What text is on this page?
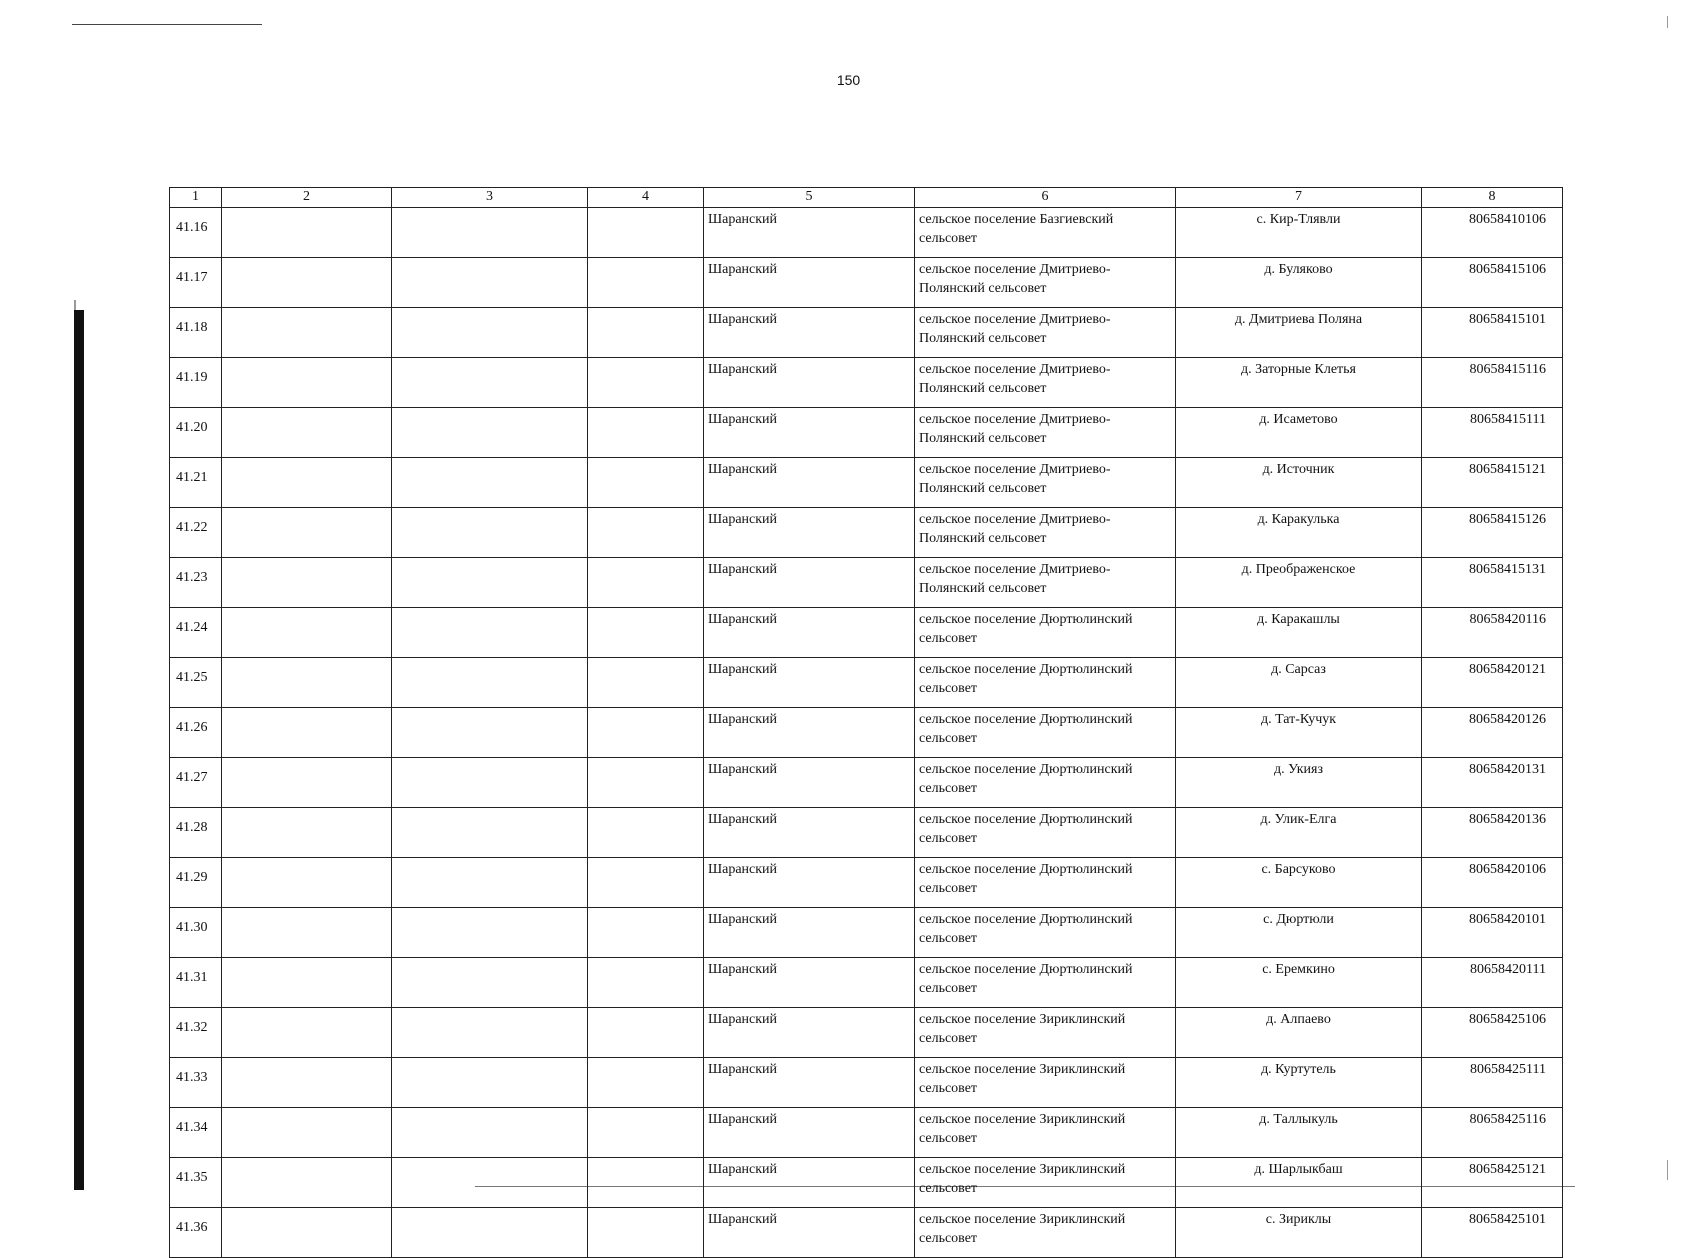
150
1	2	3	4	5	6	7	8
41.16				Шаранский	сельское поселение Базгиевский сельсовет	с. Кир-Тлявли	80658410106
41.17				Шаранский	сельское поселение Дмитриево-Полянский сельсовет	д. Буляково	80658415106
41.18				Шаранский	сельское поселение Дмитриево-Полянский сельсовет	д. Дмитриева Поляна	80658415101
41.19				Шаранский	сельское поселение Дмитриево-Полянский сельсовет	д. Заторные Клетья	80658415116
41.20				Шаранский	сельское поселение Дмитриево-Полянский сельсовет	д. Исаметово	80658415111
41.21				Шаранский	сельское поселение Дмитриево-Полянский сельсовет	д. Источник	80658415121
41.22				Шаранский	сельское поселение Дмитриево-Полянский сельсовет	д. Каракулька	80658415126
41.23				Шаранский	сельское поселение Дмитриево-Полянский сельсовет	д. Преображенское	80658415131
41.24				Шаранский	сельское поселение Дюртюлинский сельсовет	д. Каракашлы	80658420116
41.25				Шаранский	сельское поселение Дюртюлинский сельсовет	д. Сарсаз	80658420121
41.26				Шаранский	сельское поселение Дюртюлинский сельсовет	д. Тат-Кучук	80658420126
41.27				Шаранский	сельское поселение Дюртюлинский сельсовет	д. Укияз	80658420131
41.28				Шаранский	сельское поселение Дюртюлинский сельсовет	д. Улик-Елга	80658420136
41.29				Шаранский	сельское поселение Дюртюлинский сельсовет	с. Барсуково	80658420106
41.30				Шаранский	сельское поселение Дюртюлинский сельсовет	с. Дюртюли	80658420101
41.31				Шаранский	сельское поселение Дюртюлинский сельсовет	с. Еремкино	80658420111
41.32				Шаранский	сельское поселение Зириклинский сельсовет	д. Алпаево	80658425106
41.33				Шаранский	сельское поселение Зириклинский сельсовет	д. Куртутель	80658425111
41.34				Шаранский	сельское поселение Зириклинский сельсовет	д. Таллыкуль	80658425116
41.35				Шаранский	сельское поселение Зириклинский сельсовет	д. Шарлыкбаш	80658425121
41.36				Шаранский	сельское поселение Зириклинский сельсовет	с. Зириклы	80658425101
